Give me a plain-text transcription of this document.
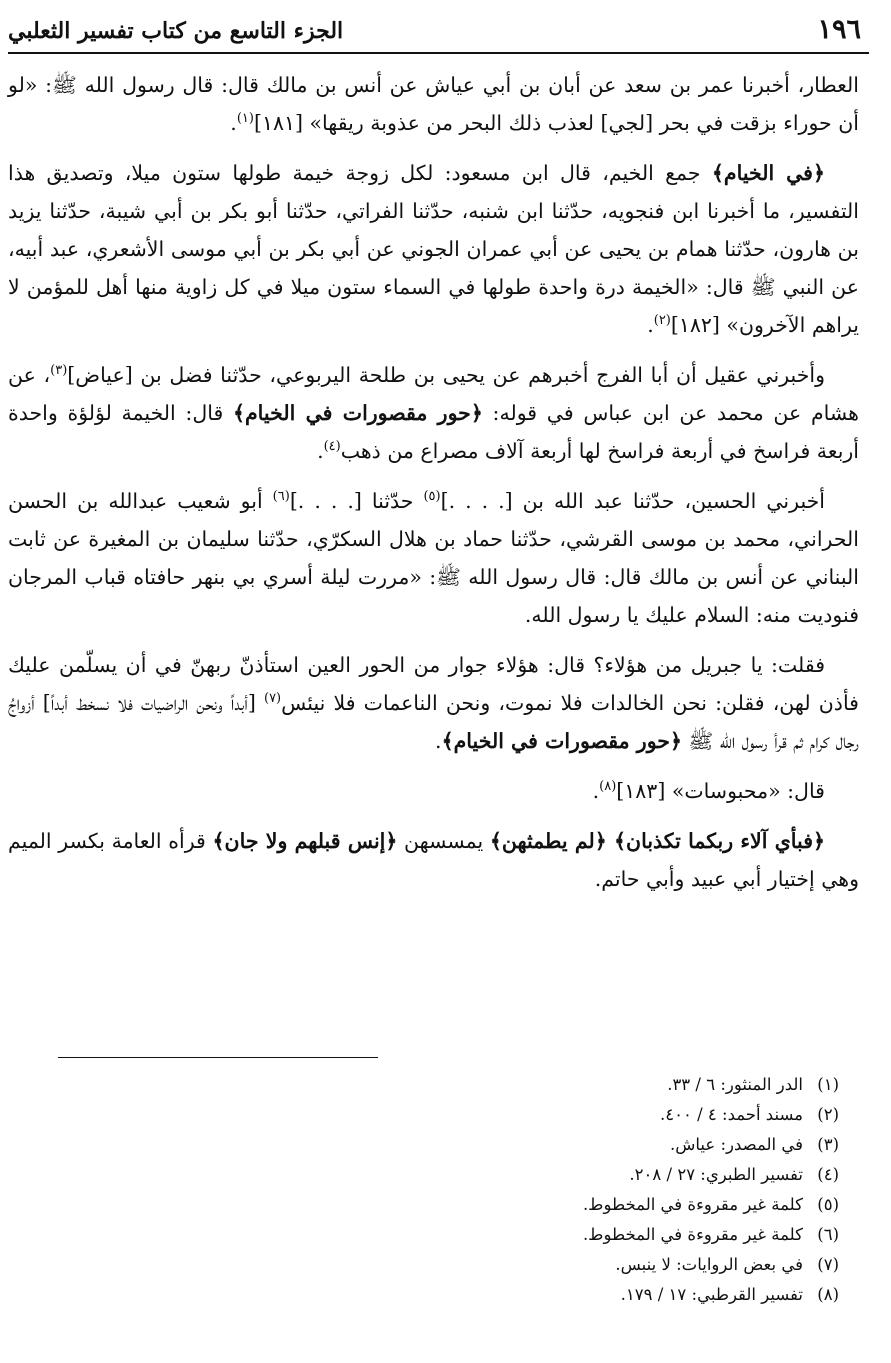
١٩٦
الجزء التاسع من كتاب تفسير الثعلبي

العطار، أخبرنا عمر بن سعد عن أبان بن أبي عياش عن أنس بن مالك قال: قال رسول الله ﷺ: «لو أن حوراء بزقت في بحر [لجي] لعذب ذلك البحر من عذوبة ريقها» [١٨١]$^{(١)}$.

﴿في الخيام﴾ جمع الخيم، قال ابن مسعود: لكل زوجة خيمة طولها ستون ميلا، وتصديق هذا التفسير، ما أخبرنا ابن فنجويه، حدّثنا ابن شنبه، حدّثنا الفراتي، حدّثنا أبو بكر بن أبي شيبة، حدّثنا يزيد بن هارون، حدّثنا همام بن يحيى عن أبي عمران الجوني عن أبي بكر بن أبي موسى الأشعري، عبد أبيه، عن النبي ﷺ قال: «الخيمة درة واحدة طولها في السماء ستون ميلا في كل زاوية منها أهل للمؤمن لا يراهم الآخرون» [١٨٢]$^{(٢)}$.

وأخبرني عقيل أن أبا الفرج أخبرهم عن يحيى بن طلحة اليربوعي، حدّثنا فضل بن [عياض]$^{(٣)}$، عن هشام عن محمد عن ابن عباس في قوله: ﴿حور مقصورات في الخيام﴾ قال: الخيمة لؤلؤة واحدة أربعة فراسخ في أربعة فراسخ لها أربعة آلاف مصراع من ذهب$^{(٤)}$.

أخبرني الحسين، حدّثنا عبد الله بن [. . . .]$^{(٥)}$ حدّثنا [. . . .]$^{(٦)}$ أبو شعيب عبدالله بن الحسن الحراني، محمد بن موسى القرشي، حدّثنا حماد بن هلال السكرّي، حدّثنا سليمان بن المغيرة عن ثابت البناني عن أنس بن مالك قال: قال رسول الله ﷺ: «مررت ليلة أسري بي بنهر حافتاه قباب المرجان فنوديت منه: السلام عليك يا رسول الله.

فقلت: يا جبريل من هؤلاء؟ قال: هؤلاء جوار من الحور العين استأذنّ ربهنّ في أن يسلّمن عليك فأذن لهن، فقلن: نحن الخالدات فلا نموت، ونحن الناعمات فلا نيئس$^{(٧)}$ [أبداً ونحن الراضيات فلا نسخط أبداً] أزواجُ رجال كرام ثم قرأ رسول الله ﷺ ﴿حور مقصورات في الخيام﴾.

قال: «محبوسات» [١٨٣]$^{(٨)}$.

﴿فبأي آلاء ربكما تكذبان﴾ ﴿لم يطمثهن﴾ يمسسهن ﴿إنس قبلهم ولا جان﴾ قرأه العامة بكسر الميم وهي إختيار أبي عبيد وأبي حاتم.

(١)الدر المنثور: ٦ / ٣٣.
(٢)مسند أحمد: ٤ / ٤٠٠.
(٣)في المصدر: عياش.
(٤)تفسير الطبري: ٢٧ / ٢٠٨.
(٥)كلمة غير مقروءة في المخطوط.
(٦)كلمة غير مقروءة في المخطوط.
(٧)في بعض الروايات: لا ينبس.
(٨)تفسير القرطبي: ١٧ / ١٧٩.
